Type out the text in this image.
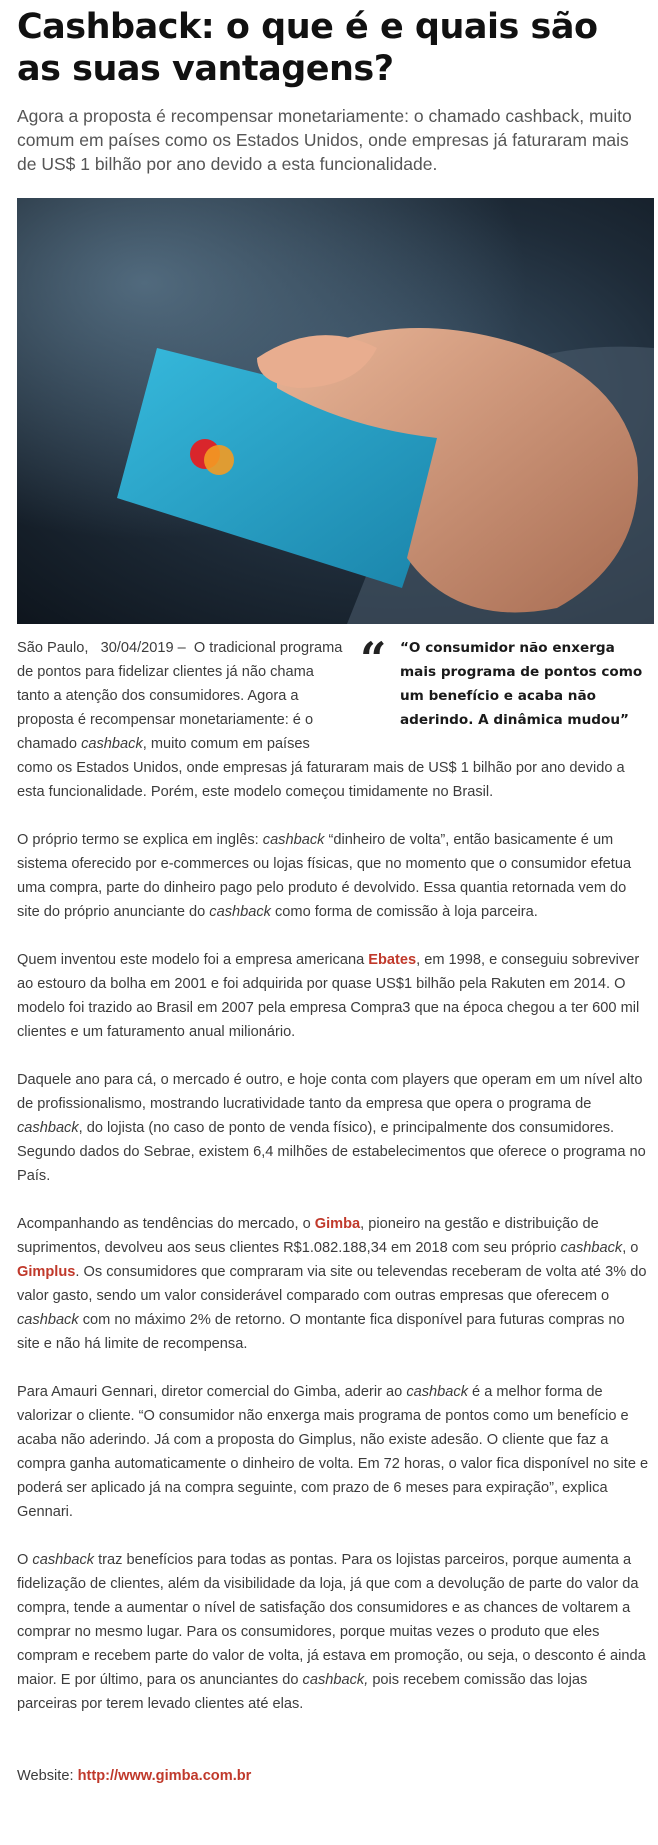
Cashback: o que é e quais são as suas vantagens?

Agora a proposta é recompensar monetariamente: o chamado cashback, muito comum em países como os Estados Unidos, onde empresas já faturaram mais de US$ 1 bilhão por ano devido a esta funcionalidade.

“ “O consumidor não enxerga mais programa de pontos como um benefício e acaba não aderindo. A dinâmica mudou”

São Paulo, 30/04/2019 – O tradicional programa de pontos para fidelizar clientes já não chama tanto a atenção dos consumidores. Agora a proposta é recompensar monetariamente: é o chamado cashback, muito comum em países como os Estados Unidos, onde empresas já faturaram mais de US$ 1 bilhão por ano devido a esta funcionalidade. Porém, este modelo começou timidamente no Brasil.

O próprio termo se explica em inglês: cashback “dinheiro de volta”, então basicamente é um sistema oferecido por e-commerces ou lojas físicas, que no momento que o consumidor efetua uma compra, parte do dinheiro pago pelo produto é devolvido. Essa quantia retornada vem do site do próprio anunciante do cashback como forma de comissão à loja parceira.

Quem inventou este modelo foi a empresa americana Ebates, em 1998, e conseguiu sobreviver ao estouro da bolha em 2001 e foi adquirida por quase US$1 bilhão pela Rakuten em 2014. O modelo foi trazido ao Brasil em 2007 pela empresa Compra3 que na época chegou a ter 600 mil clientes e um faturamento anual milionário.

Daquele ano para cá, o mercado é outro, e hoje conta com players que operam em um nível alto de profissionalismo, mostrando lucratividade tanto da empresa que opera o programa de cashback, do lojista (no caso de ponto de venda físico), e principalmente dos consumidores. Segundo dados do Sebrae, existem 6,4 milhões de estabelecimentos que oferece o programa no País.

Acompanhando as tendências do mercado, o Gimba, pioneiro na gestão e distribuição de suprimentos, devolveu aos seus clientes R$1.082.188,34 em 2018 com seu próprio cashback, o Gimplus. Os consumidores que compraram via site ou televendas receberam de volta até 3% do valor gasto, sendo um valor considerável comparado com outras empresas que oferecem o cashback com no máximo 2% de retorno. O montante fica disponível para futuras compras no site e não há limite de recompensa.

Para Amauri Gennari, diretor comercial do Gimba, aderir ao cashback é a melhor forma de valorizar o cliente. “O consumidor não enxerga mais programa de pontos como um benefício e acaba não aderindo. Já com a proposta do Gimplus, não existe adesão. O cliente que faz a compra ganha automaticamente o dinheiro de volta. Em 72 horas, o valor fica disponível no site e poderá ser aplicado já na compra seguinte, com prazo de 6 meses para expiração”, explica Gennari.

O cashback traz benefícios para todas as pontas. Para os lojistas parceiros, porque aumenta a fidelização de clientes, além da visibilidade da loja, já que com a devolução de parte do valor da compra, tende a aumentar o nível de satisfação dos consumidores e as chances de voltarem a comprar no mesmo lugar. Para os consumidores, porque muitas vezes o produto que eles compram e recebem parte do valor de volta, já estava em promoção, ou seja, o desconto é ainda maior. E por último, para os anunciantes do cashback, pois recebem comissão das lojas parceiras por terem levado clientes até elas.

Website: http://www.gimba.com.br
